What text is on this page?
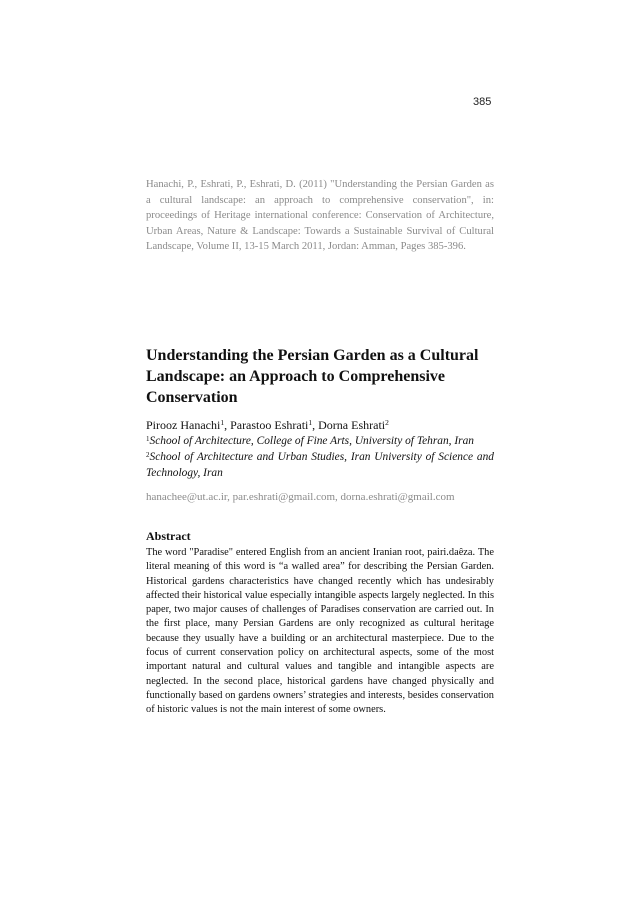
385
Hanachi, P., Eshrati, P., Eshrati, D. (2011) "Understanding the Persian Garden as a cultural landscape: an approach to comprehensive conservation", in: proceedings of Heritage international conference: Conservation of Architecture, Urban Areas, Nature & Landscape: Towards a Sustainable Survival of Cultural Landscape, Volume II, 13-15 March 2011, Jordan: Amman, Pages 385-396.
Understanding the Persian Garden as a Cultural Landscape: an Approach to Comprehensive Conservation
Pirooz Hanachi$^1$, Parastoo Eshrati$^1$, Dorna Eshrati$^2$
$^1$School of Architecture, College of Fine Arts, University of Tehran, Iran
$^2$School of Architecture and Urban Studies, Iran University of Science and Technology, Iran
hanachee@ut.ac.ir, par.eshrati@gmail.com, dorna.eshrati@gmail.com
Abstract

The word "Paradise" entered English from an ancient Iranian root, pairi.daêza. The literal meaning of this word is “a walled area” for describing the Persian Garden. Historical gardens characteristics have changed recently which has undesirably affected their historical value especially intangible aspects largely neglected. In this paper, two major causes of challenges of Paradises conservation are carried out. In the first place, many Persian Gardens are only recognized as cultural heritage because they usually have a building or an architectural masterpiece. Due to the focus of current conservation policy on architectural aspects, some of the most important natural and cultural values and tangible and intangible aspects are neglected. In the second place, historical gardens have changed physically and functionally based on gardens owners’ strategies and interests, besides conservation of historic values is not the main interest of some owners.
